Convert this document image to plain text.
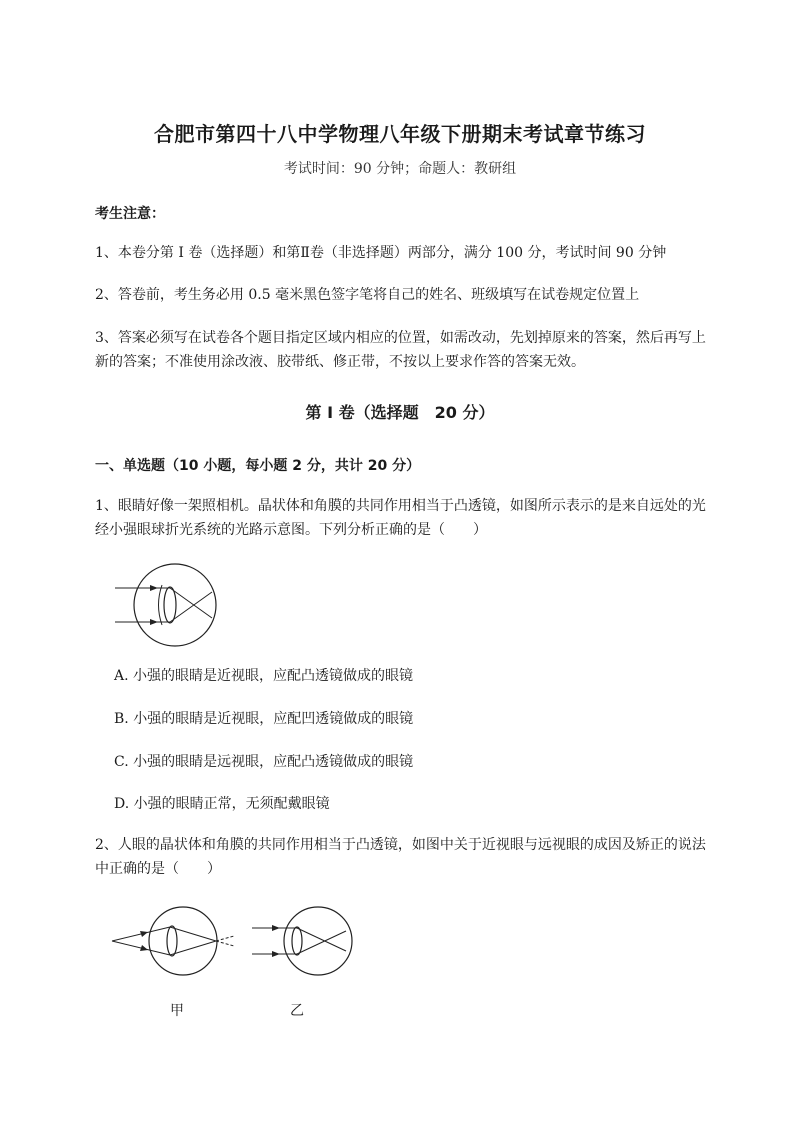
合肥市第四十八中学物理八年级下册期末考试章节练习
考试时间：90 分钟；命题人：教研组
考生注意：
1、本卷分第 I 卷（选择题）和第Ⅱ卷（非选择题）两部分，满分 100 分，考试时间 90 分钟
2、答卷前，考生务必用 0.5 毫米黑色签字笔将自己的姓名、班级填写在试卷规定位置上
3、答案必须写在试卷各个题目指定区域内相应的位置，如需改动，先划掉原来的答案，然后再写上新的答案；不准使用涂改液、胶带纸、修正带，不按以上要求作答的答案无效。
第 I 卷（选择题　20 分）
一、单选题（10 小题，每小题 2 分，共计 20 分）
1、眼睛好像一架照相机。晶状体和角膜的共同作用相当于凸透镜，如图所示表示的是来自远处的光经小强眼球折光系统的光路示意图。下列分析正确的是（　　）
A. 小强的眼睛是近视眼，应配凸透镜做成的眼镜
B. 小强的眼睛是近视眼，应配凹透镜做成的眼镜
C. 小强的眼睛是远视眼，应配凸透镜做成的眼镜
D. 小强的眼睛正常，无须配戴眼镜
2、人眼的晶状体和角膜的共同作用相当于凸透镜，如图中关于近视眼与远视眼的成因及矫正的说法中正确的是（　　）
甲	乙
